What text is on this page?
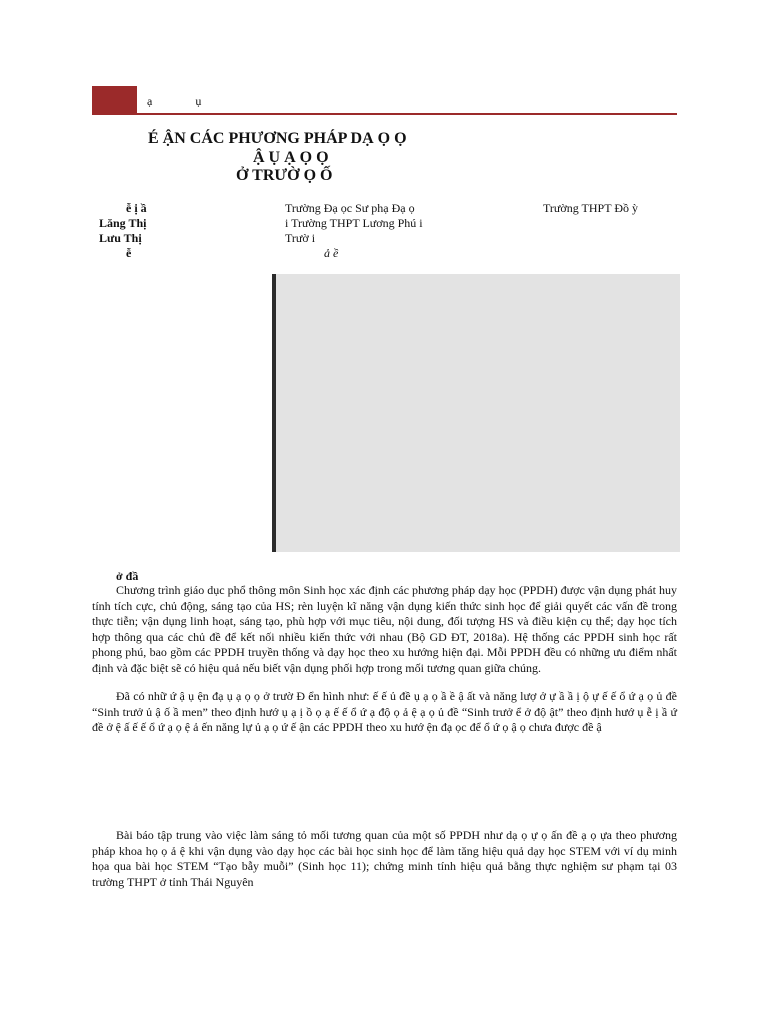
ạ ụ
É ẬN CÁC PHƯƠNG PHÁP DẠ Ọ Ọ
Ậ Ụ Ạ Ọ Ọ
Ở TRƯỜ Ọ Ố
ễ ị ầ	Trường Đạ ọc Sư phạ Đạ ọ	Trường THPT Đồ ỳ
Lăng Thị	i Trường THPT Lương Phú i
Lưu Thị	Trườ i
ễ	ả ề
ở đầ

Chương trình giáo dục phổ thông môn Sinh học xác định các phương pháp dạy học (PPDH) được vận dụng phát huy tính tích cực, chủ động, sáng tạo của HS; rèn luyện kĩ năng vận dụng kiến thức sinh học để giải quyết các vấn đề trong thực tiễn; vận dụng linh hoạt, sáng tạo, phù hợp với mục tiêu, nội dung, đối tượng HS và điều kiện cụ thể; dạy học tích hợp thông qua các chủ đề để kết nối nhiều kiến thức với nhau (Bộ GD ĐT, 2018a). Hệ thống các PPDH sinh học rất phong phú, bao gồm các PPDH truyền thống và dạy học theo xu hướng hiện đại. Mỗi PPDH đều có những ưu điểm nhất định và đặc biệt sẽ có hiệu quả nếu biết vận dụng phối hợp trong mối tương quan giữa chúng.

Đã có nhữ ứ ậ ụ ện đạ ụ ạ ọ ọ ở trườ Đ ển hình như: ế ế ủ đề ụ ạ ọ ầ ề ậ ất và năng lượ ở ự ầ ầ ị ộ ự ế ế ổ ứ ạ ọ ủ đề “Sinh trưở ủ ậ ố ầ men” theo định hướ ụ ạ ị ồ ọ ạ ế ế ổ ứ ạ độ ọ ả ệ ạ ọ ủ đề “Sinh trưở ể ở độ ật” theo định hướ ụ ễ ị ầ ứ đề ở ệ ấ ế ế ổ ứ ạ ọ ệ ả ến năng lự ủ ạ ọ ứ ế ận các PPDH theo xu hướ ện đạ ọc để ổ ứ ọ ậ ọ chưa được đề ậ

Bài báo tập trung vào việc làm sáng tỏ mối tương quan của một số PPDH như dạ ọ ự ọ ấn đề ạ ọ ựa theo phương pháp khoa họ ọ ả ệ khi vận dụng vào dạy học các bài học sinh học để làm tăng hiệu quả dạy học STEM với ví dụ minh họa qua bài học STEM “Tạo bẫy muỗi” (Sinh học 11); chứng minh tính hiệu quả bằng thực nghiệm sư phạm tại 03 trường THPT ở tỉnh Thái Nguyên
